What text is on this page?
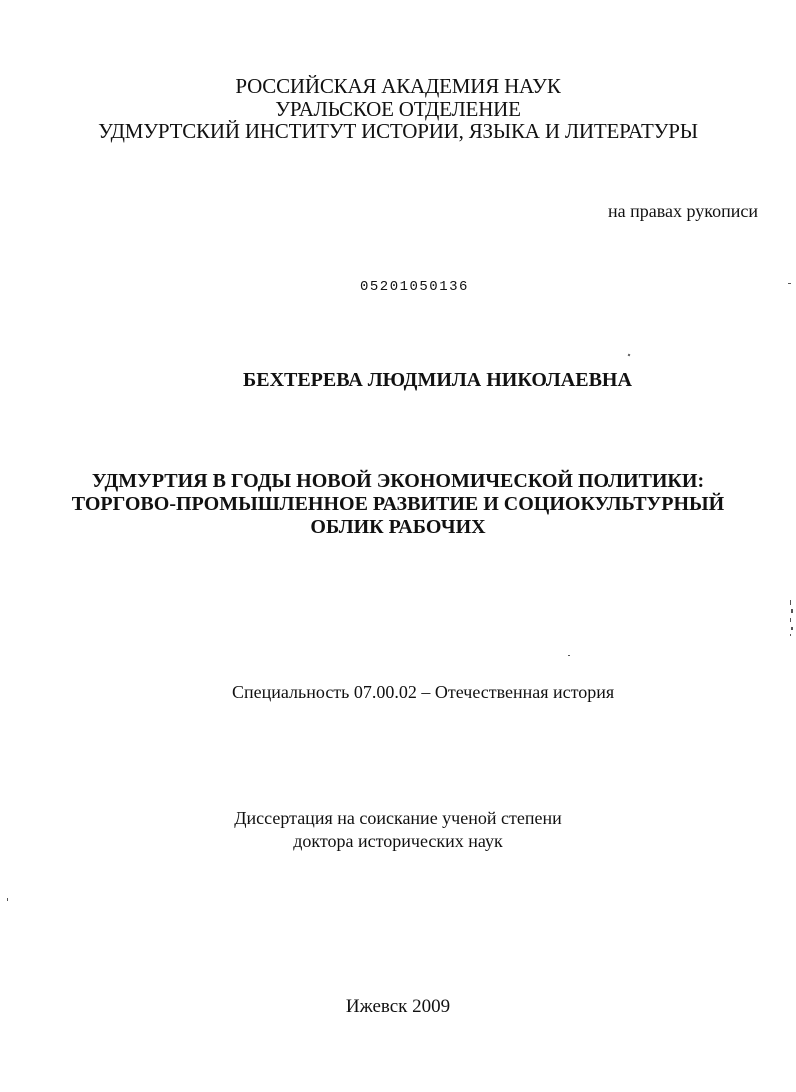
РОССИЙСКАЯ АКАДЕМИЯ НАУК
УРАЛЬСКОЕ ОТДЕЛЕНИЕ
УДМУРТСКИЙ ИНСТИТУТ ИСТОРИИ, ЯЗЫКА И ЛИТЕРАТУРЫ
на правах рукописи
05201050136
БЕХТЕРЕВА ЛЮДМИЛА НИКОЛАЕВНА
УДМУРТИЯ В ГОДЫ НОВОЙ ЭКОНОМИЧЕСКОЙ ПОЛИТИКИ:
ТОРГОВО-ПРОМЫШЛЕННОЕ РАЗВИТИЕ И СОЦИОКУЛЬТУРНЫЙ
ОБЛИК РАБОЧИХ
Специальность 07.00.02 – Отечественная история
Диссертация на соискание ученой степени
доктора исторических наук
Ижевск 2009
